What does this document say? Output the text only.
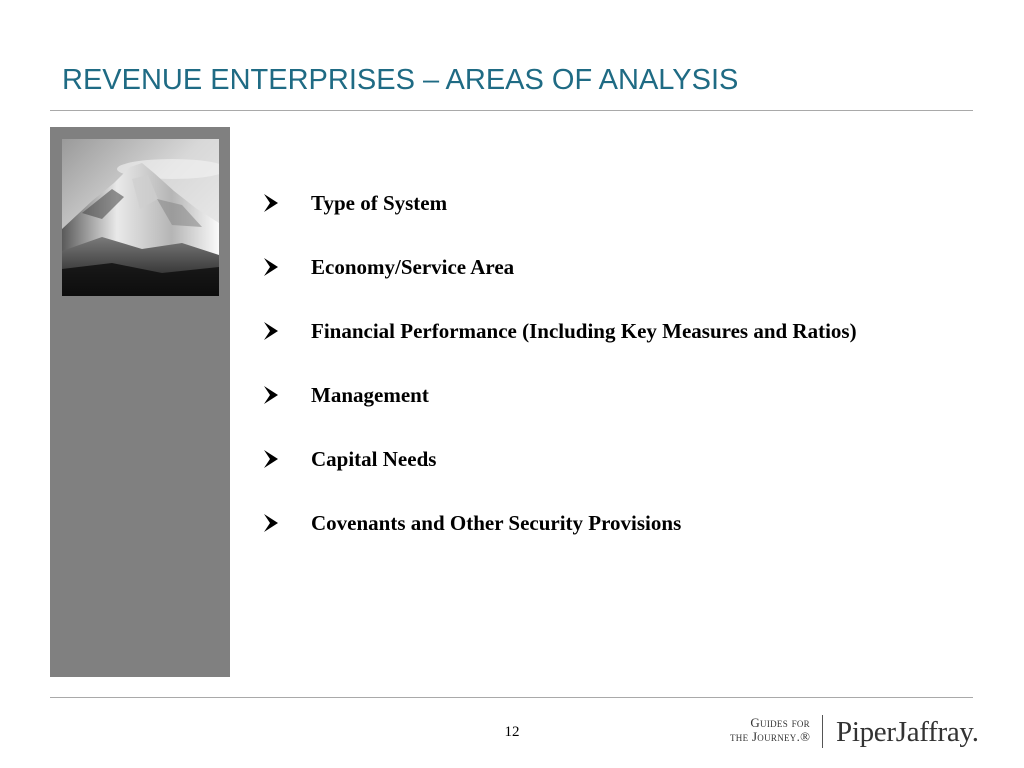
REVENUE ENTERPRISES – AREAS OF ANALYSIS
Type of System
Economy/Service Area
Financial Performance (Including Key Measures and Ratios)
Management
Capital Needs
Covenants and Other Security Provisions
12
Guides for
the Journey.® PiperJaffray.
